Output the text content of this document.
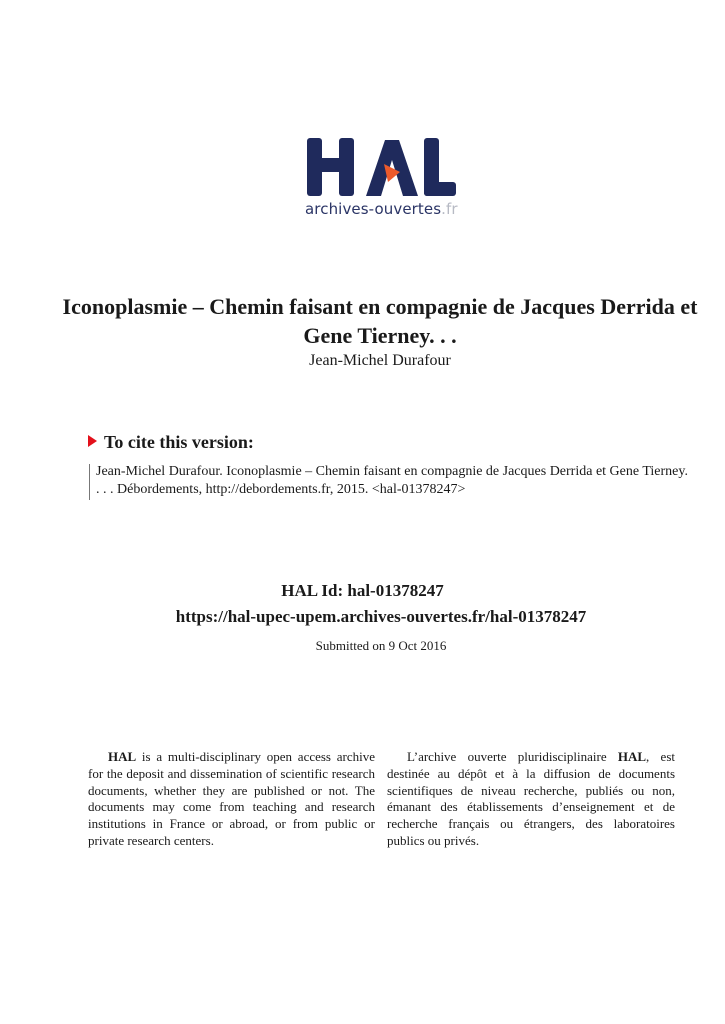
archives-ouvertes.fr
Iconoplasmie – Chemin faisant en compagnie de Jacques Derrida et Gene Tierney. . .
Jean-Michel Durafour
To cite this version:
Jean-Michel Durafour. Iconoplasmie – Chemin faisant en compagnie de Jacques Derrida et Gene Tierney. . . . Débordements, http://debordements.fr, 2015. <hal-01378247>
HAL Id: hal-01378247
https://hal-upec-upem.archives-ouvertes.fr/hal-01378247
Submitted on 9 Oct 2016

HAL is a multi-disciplinary open access archive for the deposit and dissemination of scientific research documents, whether they are published or not. The documents may come from teaching and research institutions in France or abroad, or from public or private research centers.

L’archive ouverte pluridisciplinaire HAL, est destinée au dépôt et à la diffusion de documents scientifiques de niveau recherche, publiés ou non, émanant des établissements d’enseignement et de recherche français ou étrangers, des laboratoires publics ou privés.
